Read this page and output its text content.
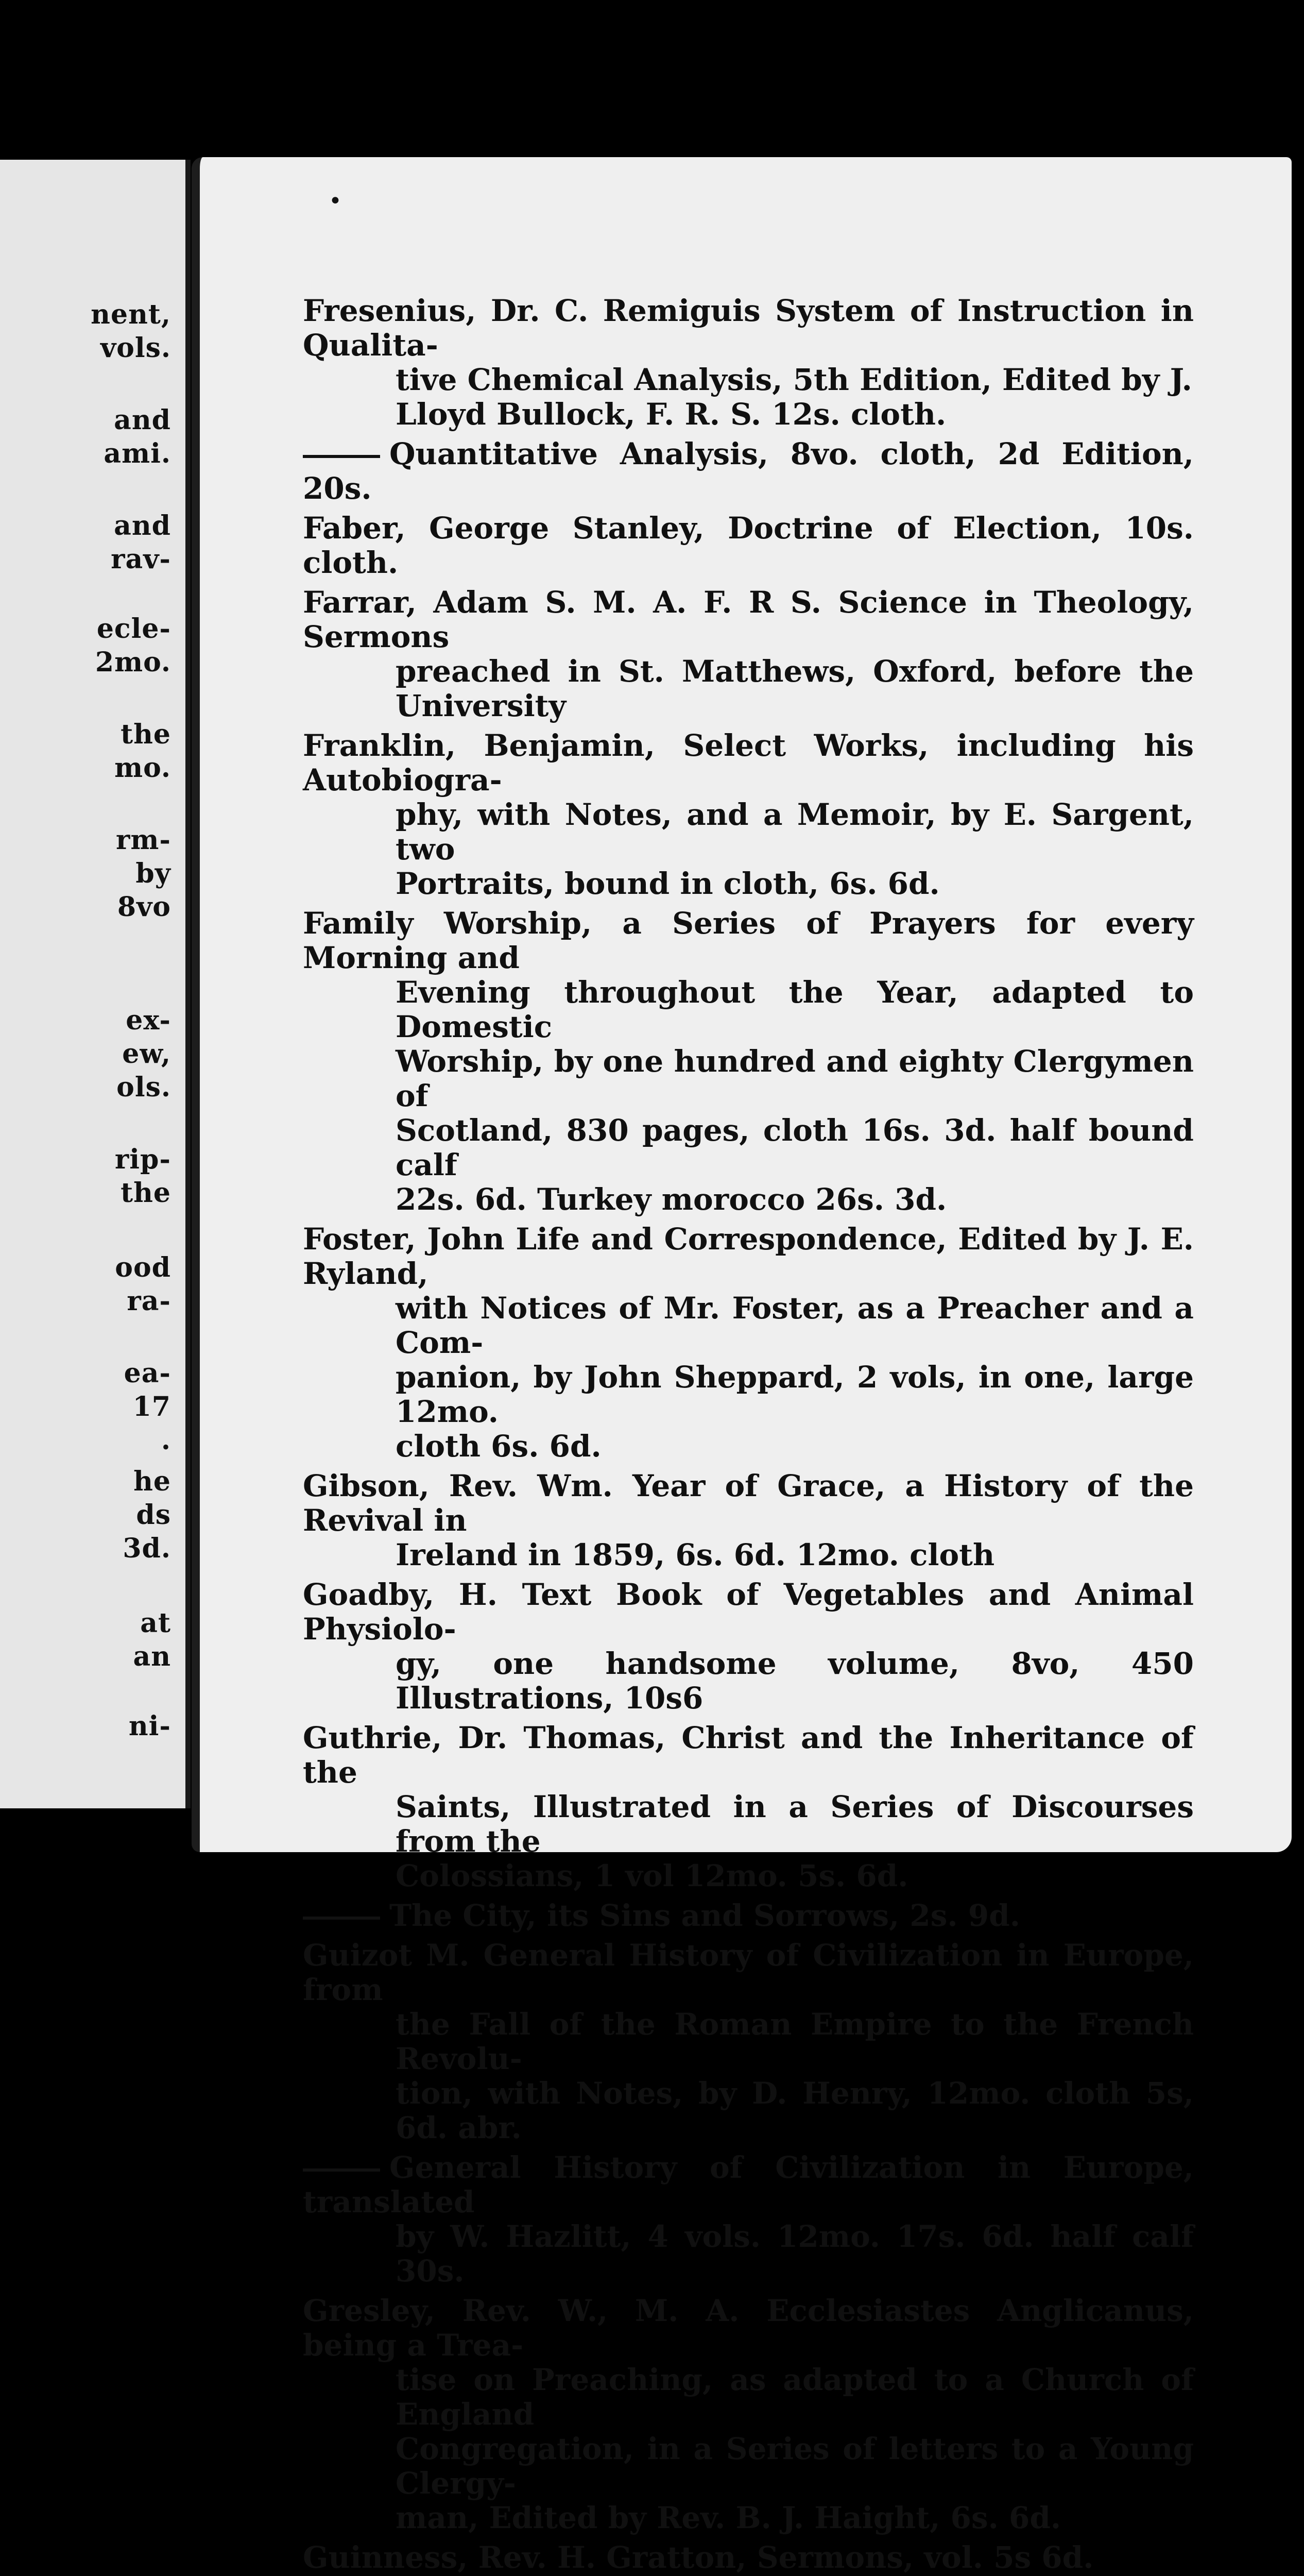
nent,
vols.
and
ami.
and
rav-
ecle-
2mo.
the
mo.
rm-
by
8vo
ex-
ew,
ols.
rip-
the
ood
ra-
ea-
17
.
he
ds
3d.
at
an
ni-
•
Fresenius, Dr. C. Remiguis System of Instruction in Qualita-
tive Chemical Analysis, 5th Edition, Edited by J.
Lloyd Bullock, F. R. S. 12s. cloth.
Quantitative Analysis, 8vo. cloth, 2d Edition, 20s.
Faber, George Stanley, Doctrine of Election, 10s. cloth.
Farrar, Adam S. M. A. F. R S. Science in Theology, Sermons
preached in St. Matthews, Oxford, before the University
Franklin, Benjamin, Select Works, including his Autobiogra-
phy, with Notes, and a Memoir, by E. Sargent, two
Portraits, bound in cloth, 6s. 6d.
Family Worship, a Series of Prayers for every Morning and
Evening throughout the Year, adapted to Domestic
Worship, by one hundred and eighty Clergymen of
Scotland, 830 pages, cloth 16s. 3d. half bound calf
22s. 6d. Turkey morocco 26s. 3d.
Foster, John Life and Correspondence, Edited by J. E. Ryland,
with Notices of Mr. Foster, as a Preacher and a Com-
panion, by John Sheppard, 2 vols, in one, large 12mo.
cloth 6s. 6d.
Gibson, Rev. Wm. Year of Grace, a History of the Revival in
Ireland in 1859, 6s. 6d. 12mo. cloth
Goadby, H. Text Book of Vegetables and Animal Physiolo-
gy, one handsome volume, 8vo, 450 Illustrations, 10s6
Guthrie, Dr. Thomas, Christ and the Inheritance of the
Saints, Illustrated in a Series of Discourses from the
Colossians, 1 vol 12mo. 5s. 6d.
The City, its Sins and Sorrows, 2s. 9d.
Guizot M. General History of Civilization in Europe, from
the Fall of the Roman Empire to the French Revolu-
tion, with Notes, by D. Henry, 12mo. cloth 5s, 6d. abr.
General History of Civilization in Europe, translated
by W. Hazlitt, 4 vols. 12mo. 17s. 6d. half calf 30s.
Gresley, Rev. W., M. A. Ecclesiastes Anglicanus, being a Trea-
tise on Preaching, as adapted to a Church of England
Congregation, in a Series of letters to a Young Clergy-
man, Edited by Rev. B. J. Haight, 6s. 6d.
Guinness, Rev. H. Gratton, Sermons, vol. 5s 6d.
